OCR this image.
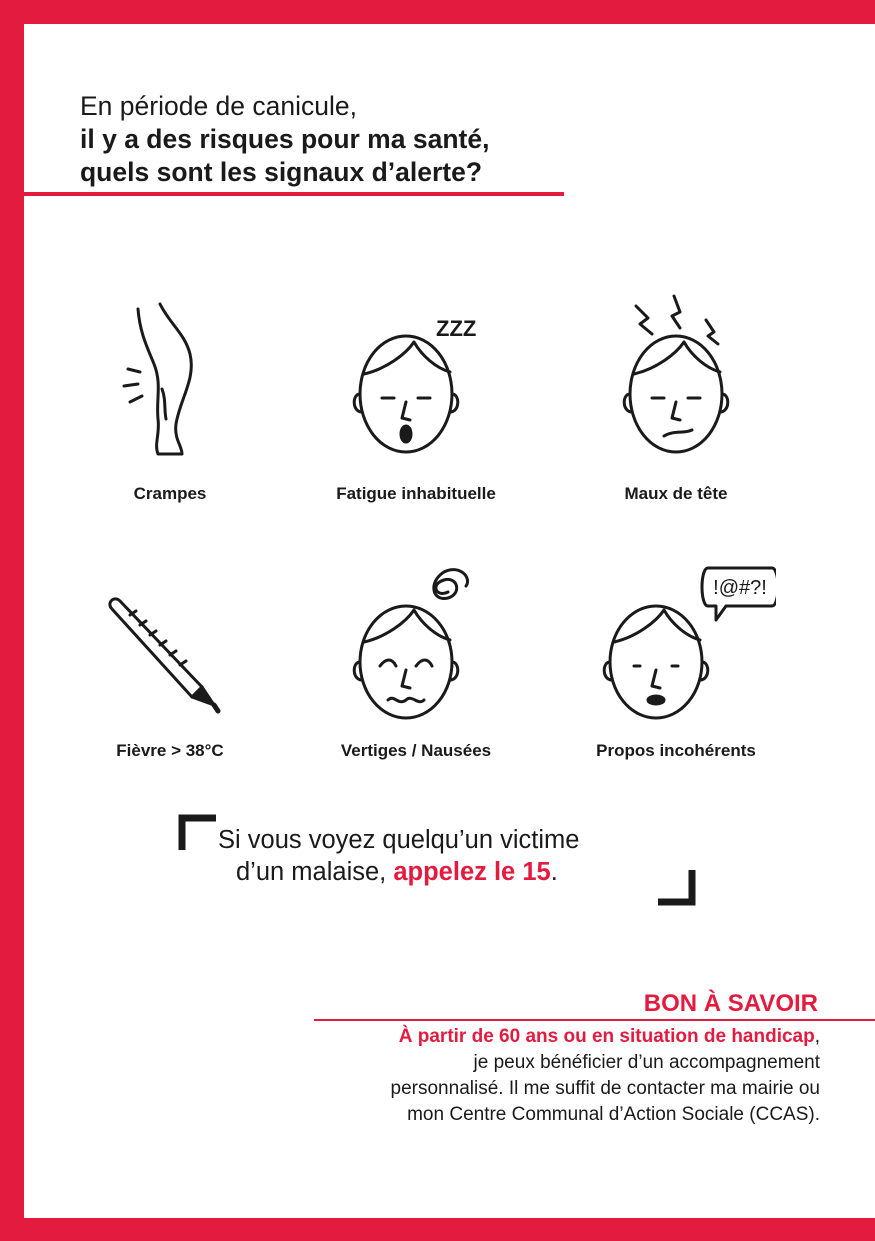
En période de canicule,
il y a des risques pour ma santé,
quels sont les signaux d’alerte?
Crampes
ZZZ
Fatigue inhabituelle	Maux de tête
Fièvre > 38°C	Vertiges / Nausées
!@#?!
Propos incohérents
Si vous voyez quelqu’un victime
d’un malaise, appelez le 15.
BON À SAVOIR
À partir de 60 ans ou en situation de handicap,
je peux bénéficier d’un accompagnement
personnalisé. Il me suffit de contacter ma mairie ou
mon Centre Communal d’Action Sociale (CCAS).
